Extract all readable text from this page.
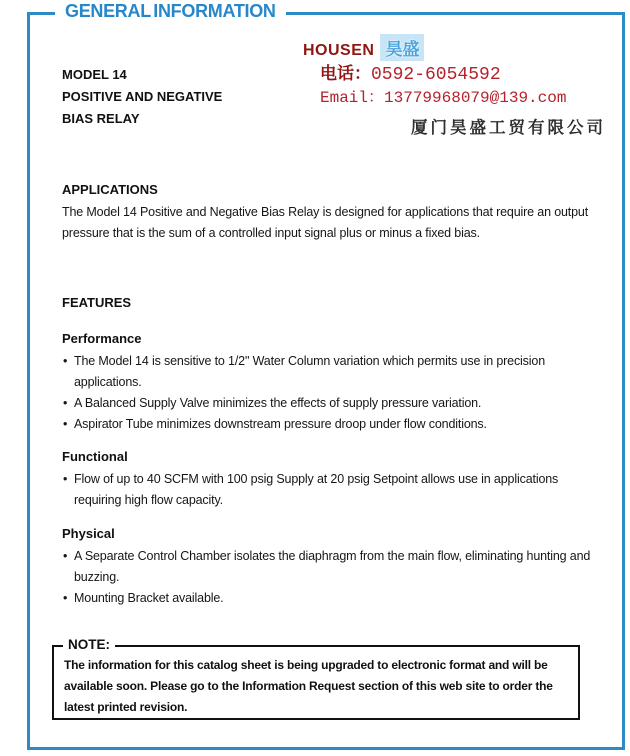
GENERAL INFORMATION
MODEL 14
POSITIVE AND NEGATIVE
BIAS RELAY
HOUSEN 昊盛
电话：0592-6054592
Email：13779968079@139.com
厦门昊盛工贸有限公司
APPLICATIONS

The Model 14 Positive and Negative Bias Relay is designed for applications that require an output pressure that is the sum of a controlled input signal plus or minus a fixed bias.

FEATURES
Performance
• The Model 14 is sensitive to 1/2" Water Column variation which permits use in precision applications.
• A Balanced Supply Valve minimizes the effects of supply pressure variation.
• Aspirator Tube minimizes downstream pressure droop under flow conditions.
Functional
• Flow of up to 40 SCFM with 100 psig Supply at 20 psig Setpoint allows use in applications requiring high flow capacity.
Physical
• A Separate Control Chamber isolates the diaphragm from the main flow, eliminating hunting and buzzing.
• Mounting Bracket available.
NOTE:

The information for this catalog sheet is being upgraded to electronic format and will be available soon. Please go to the Information Request section of this web site to order the latest printed revision.
